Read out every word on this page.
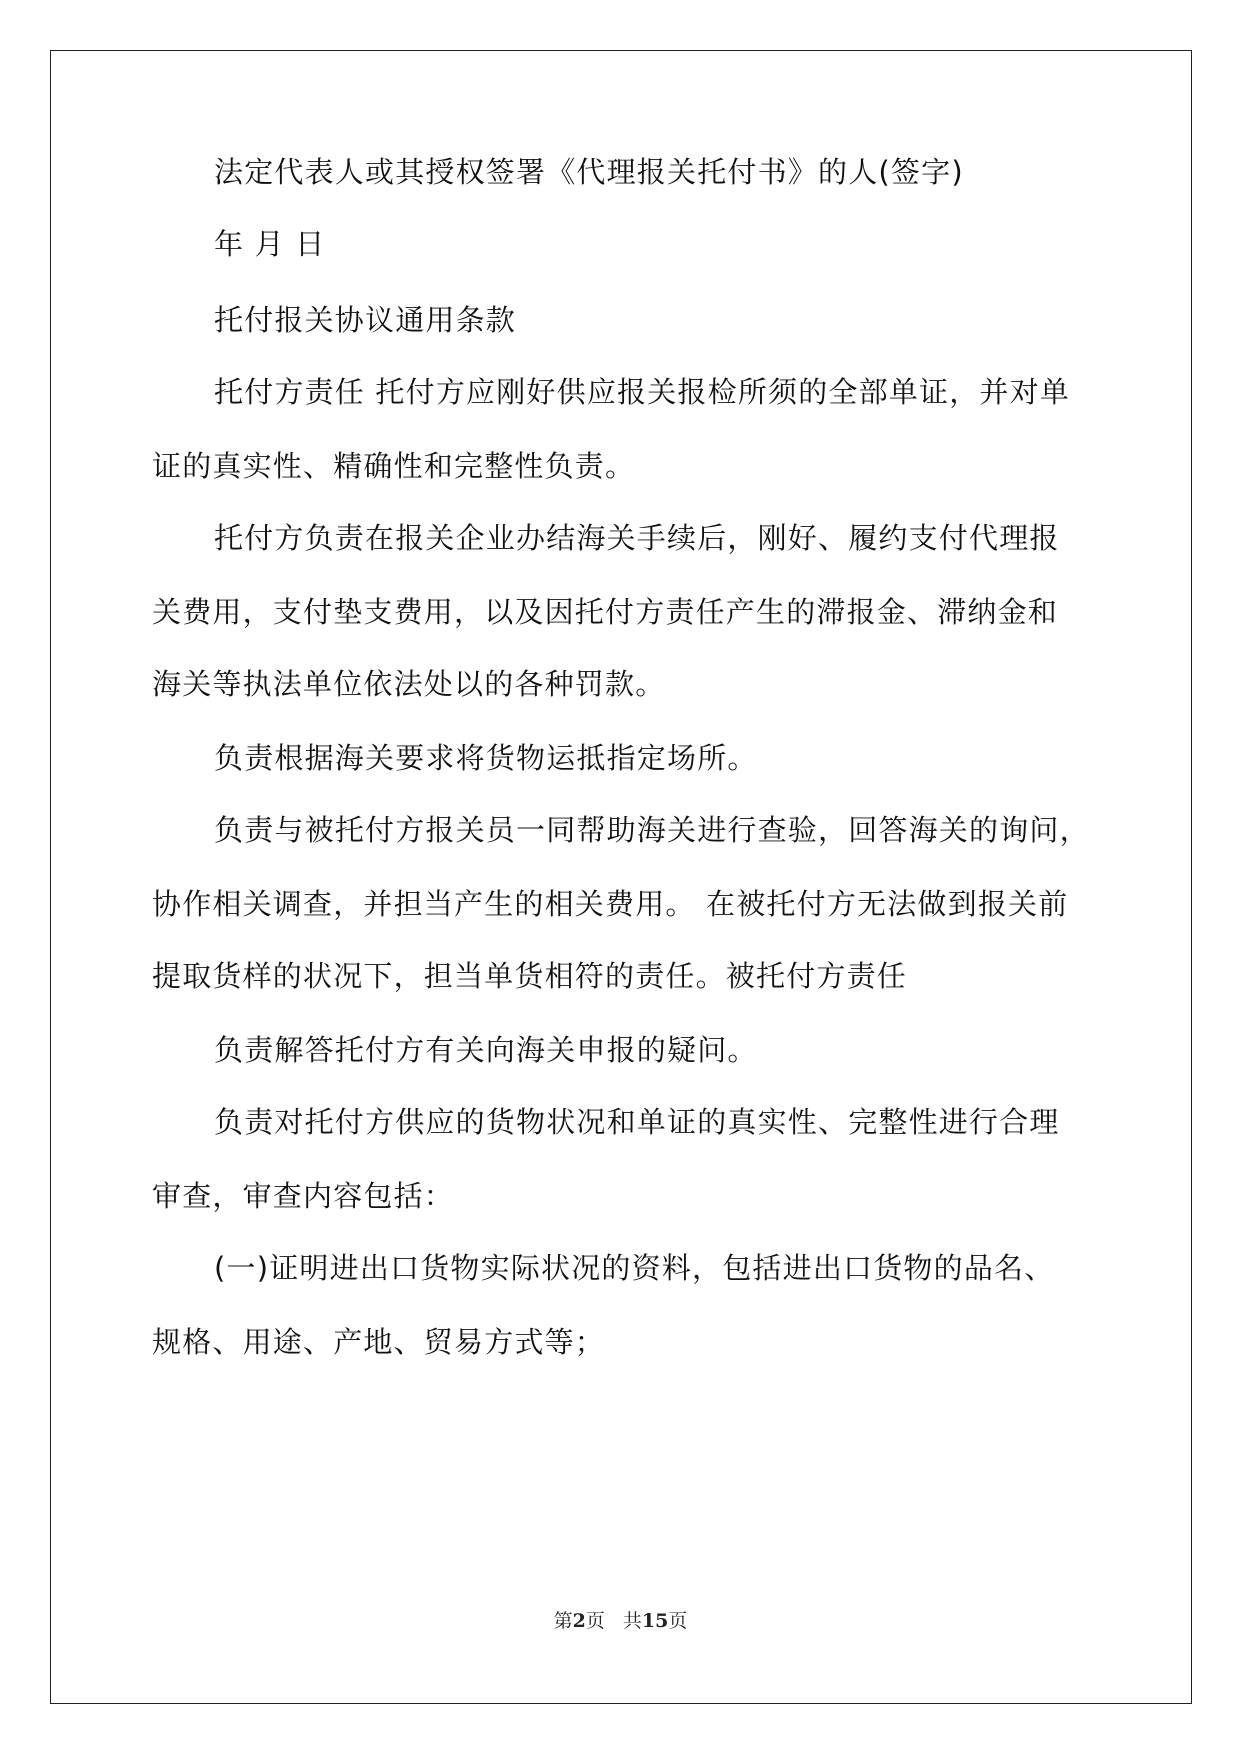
法定代表人或其授权签署《代理报关托付书》的人(签字)

年 月 日

托付报关协议通用条款

托付方责任 托付方应刚好供应报关报检所须的全部单证，并对单

证的真实性、精确性和完整性负责。

托付方负责在报关企业办结海关手续后，刚好、履约支付代理报

关费用，支付垫支费用，以及因托付方责任产生的滞报金、滞纳金和

海关等执法单位依法处以的各种罚款。

负责根据海关要求将货物运抵指定场所。

负责与被托付方报关员一同帮助海关进行查验，回答海关的询问，

协作相关调查，并担当产生的相关费用。 在被托付方无法做到报关前

提取货样的状况下，担当单货相符的责任。被托付方责任

负责解答托付方有关向海关申报的疑问。

负责对托付方供应的货物状况和单证的真实性、完整性进行合理

审查，审查内容包括：

(一)证明进出口货物实际状况的资料，包括进出口货物的品名、

规格、用途、产地、贸易方式等；

第2页 共15页
